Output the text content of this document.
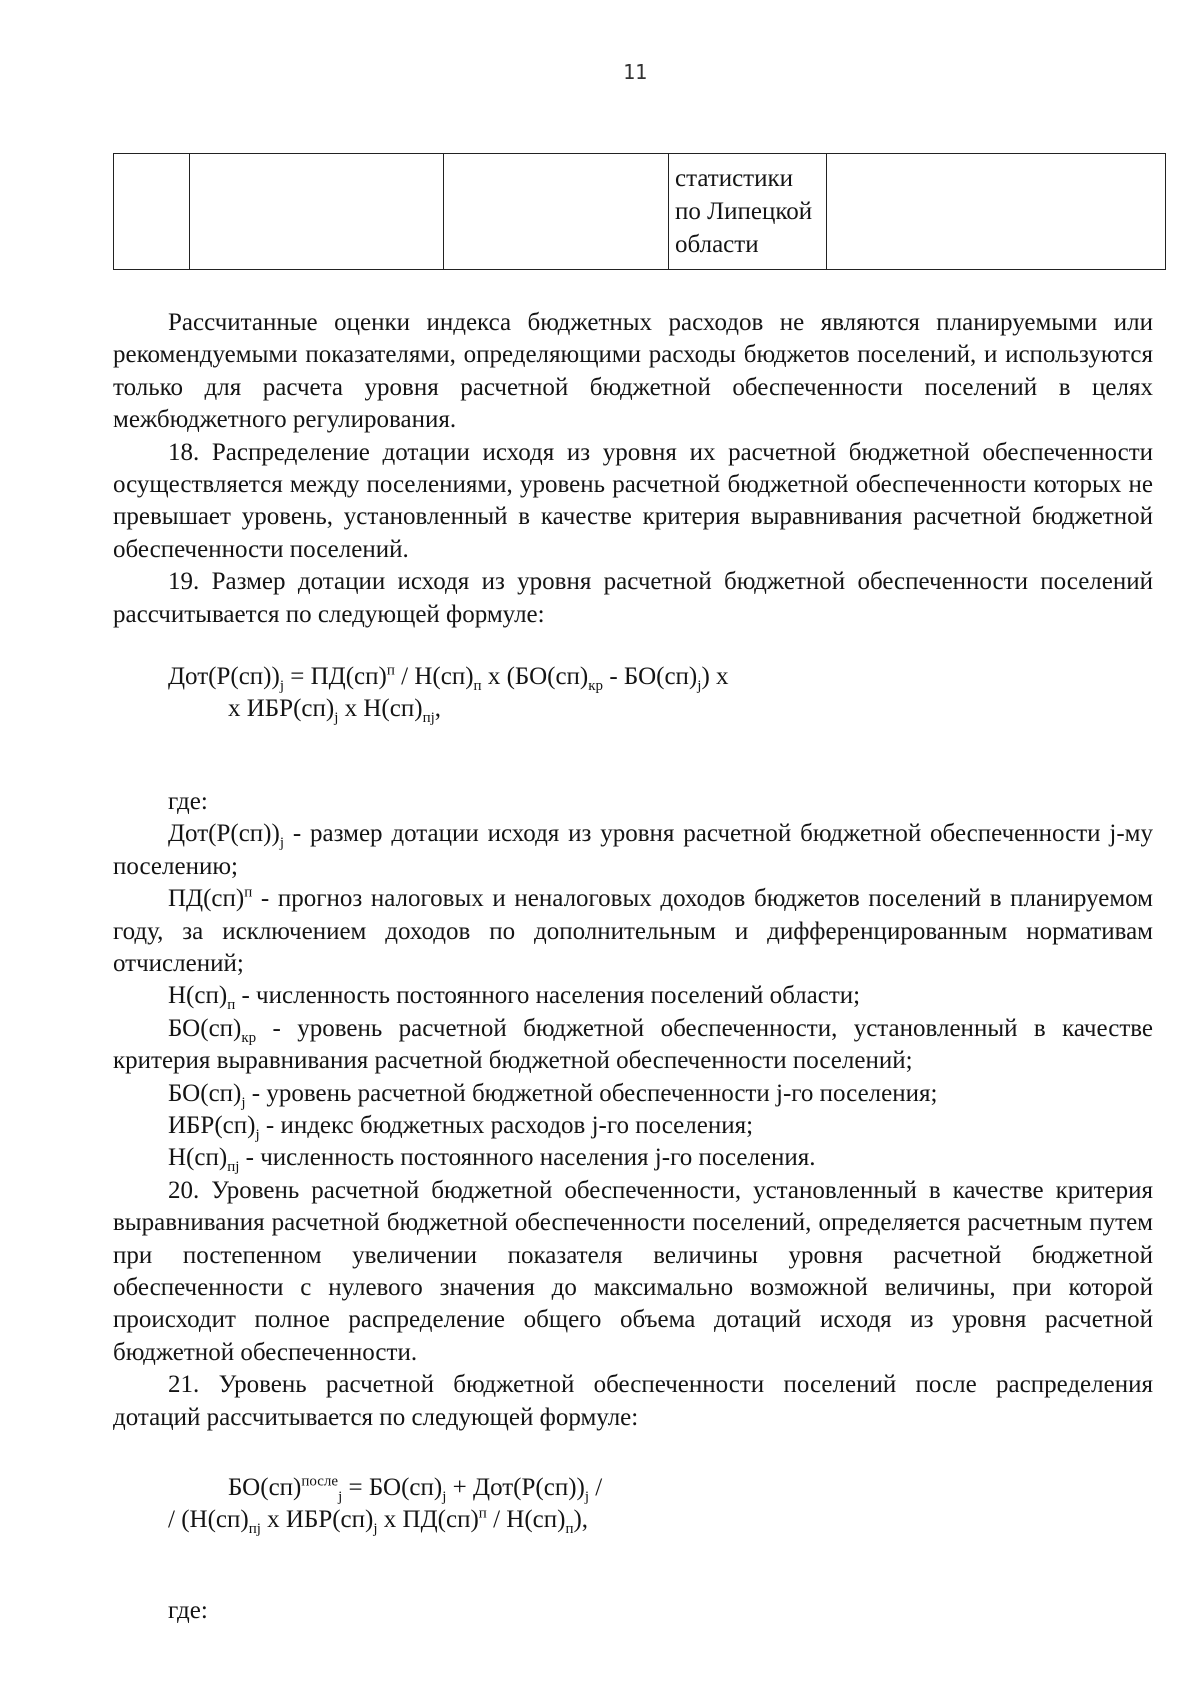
11
			статистики
по Липецкой
области	

Рассчитанные оценки индекса бюджетных расходов не являются планируемыми или рекомендуемыми показателями, определяющими расходы бюджетов поселений, и используются только для расчета уровня расчетной бюджетной обеспеченности поселений в целях межбюджетного регулирования.

18. Распределение дотации исходя из уровня их расчетной бюджетной обеспеченности осуществляется между поселениями, уровень расчетной бюджетной обеспеченности которых не превышает уровень, установленный в качестве критерия выравнивания расчетной бюджетной обеспеченности поселений.

19. Размер дотации исходя из уровня расчетной бюджетной обеспеченности поселений рассчитывается по следующей формуле:

$Дот(Р(сп))_j = ПД(сп)^п / Н(сп)_п$ х $(БО(сп)_{кр} - БО(сп)_j)$ х

х $ИБР(сп)_j$ х $Н(сп)_{пj}$,

где:

$Дот(Р(сп))_j$ - размер дотации исходя из уровня расчетной бюджетной обеспеченности j-му поселению;

ПД(сп)$^п$ - прогноз налоговых и неналоговых доходов бюджетов поселений в планируемом году, за исключением доходов по дополнительным и дифференцированным нормативам отчислений;

$Н(сп)_п$ - численность постоянного населения поселений области;

$БО(сп)_{кр}$ - уровень расчетной бюджетной обеспеченности, установленный в качестве критерия выравнивания расчетной бюджетной обеспеченности поселений;

$БО(сп)_j$ - уровень расчетной бюджетной обеспеченности j-го поселения;

$ИБР(сп)_j$ - индекс бюджетных расходов j-го поселения;

$Н(сп)_{пj}$ - численность постоянного населения j-го поселения.

20. Уровень расчетной бюджетной обеспеченности, установленный в качестве критерия выравнивания расчетной бюджетной обеспеченности поселений, определяется расчетным путем при постепенном увеличении показателя величины уровня расчетной бюджетной обеспеченности с нулевого значения до максимально возможной величины, при которой происходит полное распределение общего объема дотаций исходя из уровня расчетной бюджетной обеспеченности.

21. Уровень расчетной бюджетной обеспеченности поселений после распределения дотаций рассчитывается по следующей формуле:

$БО(сп)^{после}_j = БО(сп)_j + Дот(Р(сп))_j$ /

/ ($Н(сп)_{пj}$ х $ИБР(сп)_j$ х $ПД(сп)^п / Н(сп)_п$),

где:
